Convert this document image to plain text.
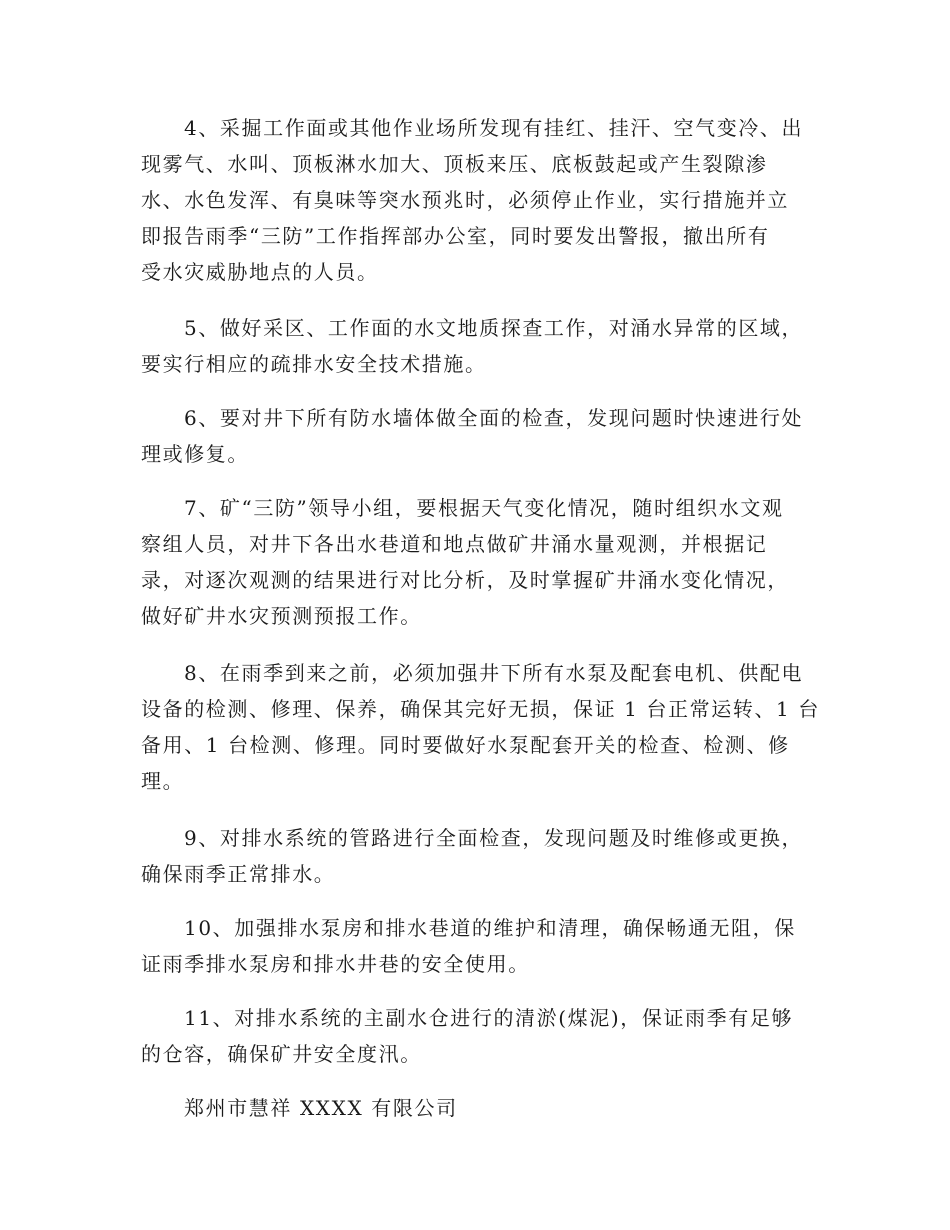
4、采掘工作面或其他作业场所发现有挂红、挂汗、空气变冷、出
现雾气、水叫、顶板淋水加大、顶板来压、底板鼓起或产生裂隙渗
水、水色发浑、有臭味等突水预兆时，必须停止作业，实行措施并立
即报告雨季“三防”工作指挥部办公室，同时要发出警报，撤出所有
受水灾威胁地点的人员。
5、做好采区、工作面的水文地质探查工作，对涌水异常的区域，
要实行相应的疏排水安全技术措施。
6、要对井下所有防水墙体做全面的检查，发现问题时快速进行处
理或修复。
7、矿“三防”领导小组，要根据天气变化情况，随时组织水文观
察组人员，对井下各出水巷道和地点做矿井涌水量观测，并根据记
录，对逐次观测的结果进行对比分析，及时掌握矿井涌水变化情况，
做好矿井水灾预测预报工作。
8、在雨季到来之前，必须加强井下所有水泵及配套电机、供配电
设备的检测、修理、保养，确保其完好无损，保证 1 台正常运转、1 台
备用、1 台检测、修理。同时要做好水泵配套开关的检查、检测、修
理。
9、对排水系统的管路进行全面检查，发现问题及时维修或更换，
确保雨季正常排水。
10、加强排水泵房和排水巷道的维护和清理，确保畅通无阻，保
证雨季排水泵房和排水井巷的安全使用。
11、对排水系统的主副水仓进行的清淤(煤泥)，保证雨季有足够
的仓容，确保矿井安全度汛。

郑州市慧祥 XXXX 有限公司
